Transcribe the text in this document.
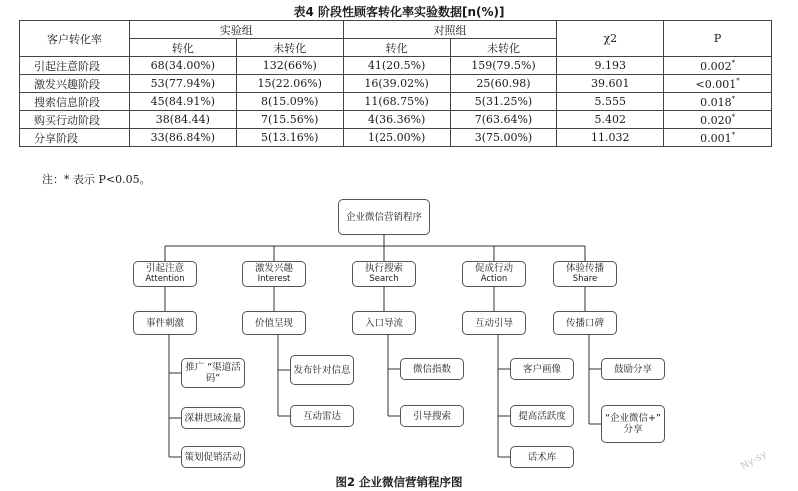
表4 阶段性顾客转化率实验数据[n(%)]
客户转化率	实验组		对照组		χ2	P
	转化	未转化	转化	未转化		
引起注意阶段	68(34.00%)	132(66%)	41(20.5%)	159(79.5%)	9.193	0.002*
激发兴趣阶段	53(77.94%)	15(22.06%)	16(39.02%)	25(60.98)	39.601	<0.001*
搜索信息阶段	45(84.91%)	8(15.09%)	11(68.75%)	5(31.25%)	5.555	0.018*
购买行动阶段	38(84.44)	7(15.56%)	4(36.36%)	7(63.64%)	5.402	0.020*
分享阶段	33(86.84%)	5(13.16%)	1(25.00%)	3(75.00%)	11.032	0.001*
注：* 表示 P<0.05。
企业微信营销程序
引起注意
Attention
事件刺激
推广 “渠道活码”
深耕思域流量
策划促销活动
激发兴趣
Interest
价值呈现
发布针对信息
互动雷达
执行搜索
Search
入口导流
微信指数
引导搜索
促成行动
Action
互动引导
客户画像
提高活跃度
话术库
体验传播
Share
传播口碑
鼓励分享
“企业微信+” 分享
图2 企业微信营销程序图
Ny-sy
